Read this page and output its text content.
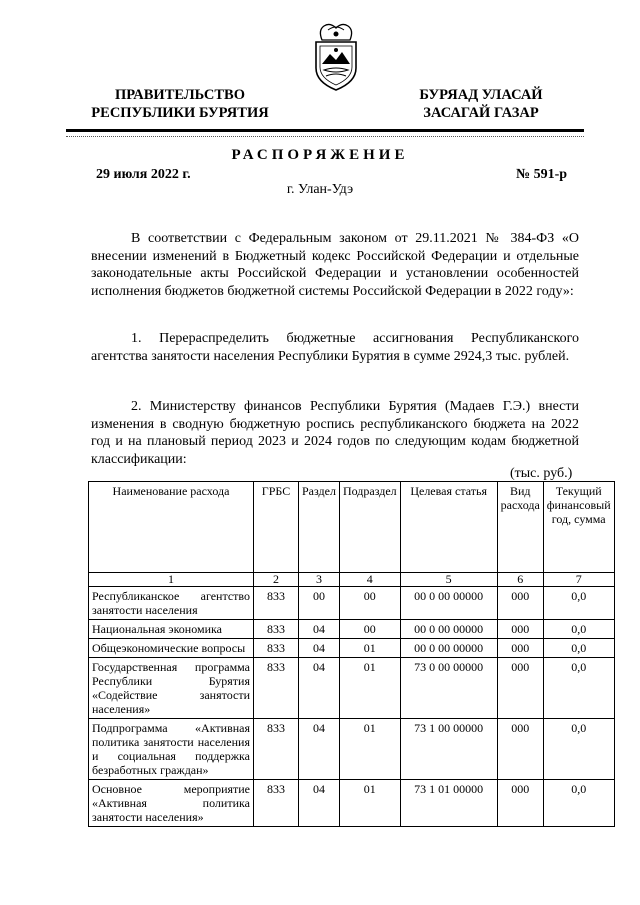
ПРАВИТЕЛЬСТВО
РЕСПУБЛИКИ БУРЯТИЯ
БУРЯАД УЛАСАЙ
ЗАСАГАЙ ГАЗАР
РАСПОРЯЖЕНИЕ
29 июля 2022 г.	№ 591-р
г. Улан-Удэ

В соответствии с Федеральным законом от 29.11.2021 № 384-ФЗ «О внесении изменений в Бюджетный кодекс Российской Федерации и отдельные законодательные акты Российской Федерации и установлении особенностей исполнения бюджетов бюджетной системы Российской Федерации в 2022 году»:

1. Перераспределить бюджетные ассигнования Республиканского агентства занятости населения Республики Бурятия в сумме 2924,3 тыс. рублей.

2. Министерству финансов Республики Бурятия (Мадаев Г.Э.) внести изменения в сводную бюджетную роспись республиканского бюджета на 2022 год и на плановый период 2023 и 2024 годов по следующим кодам бюджетной классификации:

(тыс. руб.)
Наименование расхода	ГРБС	Раздел	Подраздел	Целевая статья	Вид расхода	Текущий финансовый год, сумма
1	2	3	4	5	6	7
Республиканское агентство занятости населения	833	00	00	00 0 00 00000	000	0,0
Национальная экономика	833	04	00	00 0 00 00000	000	0,0
Общеэкономические вопросы	833	04	01	00 0 00 00000	000	0,0
Государственная программа Республики Бурятия «Содействие занятости населения»	833	04	01	73 0 00 00000	000	0,0
Подпрограмма «Активная политика занятости населения и социальная поддержка безработных граждан»	833	04	01	73 1 00 00000	000	0,0
Основное мероприятие «Активная политика занятости населения»	833	04	01	73 1 01 00000	000	0,0
